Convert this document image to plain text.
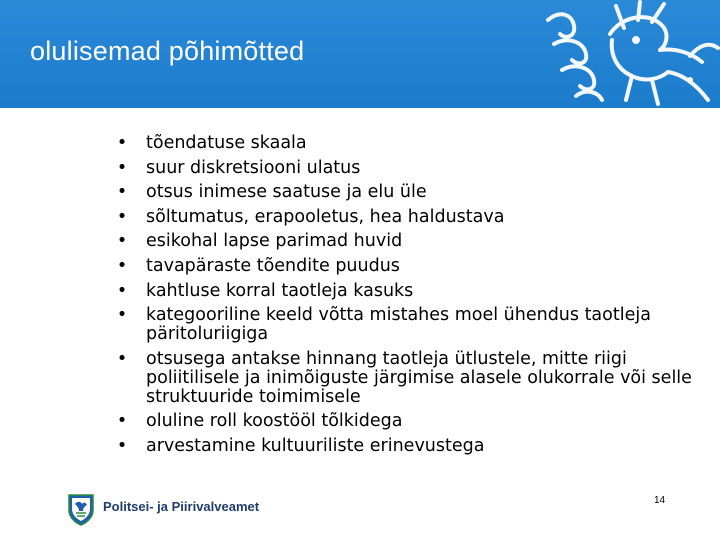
olulisemad põhimõtted
• tõendatuse skaala
• suur diskretsiooni ulatus
• otsus inimese saatuse ja elu üle
• sõltumatus, erapooletus, hea haldustava
• esikohal lapse parimad huvid
• tavapäraste tõendite puudus
• kahtluse korral taotleja kasuks
• kategooriline keeld võtta mistahes moel ühendus taotleja päritoluriigiga
• otsusega antakse hinnang taotleja ütlustele, mitte riigi poliitilisele ja inimõiguste järgimise alasele olukorrale või selle struktuuride toimimisele
• oluline roll koostööl tõlkidega
• arvestamine kultuuriliste erinevustega
Politsei- ja Piirivalveamet	14
